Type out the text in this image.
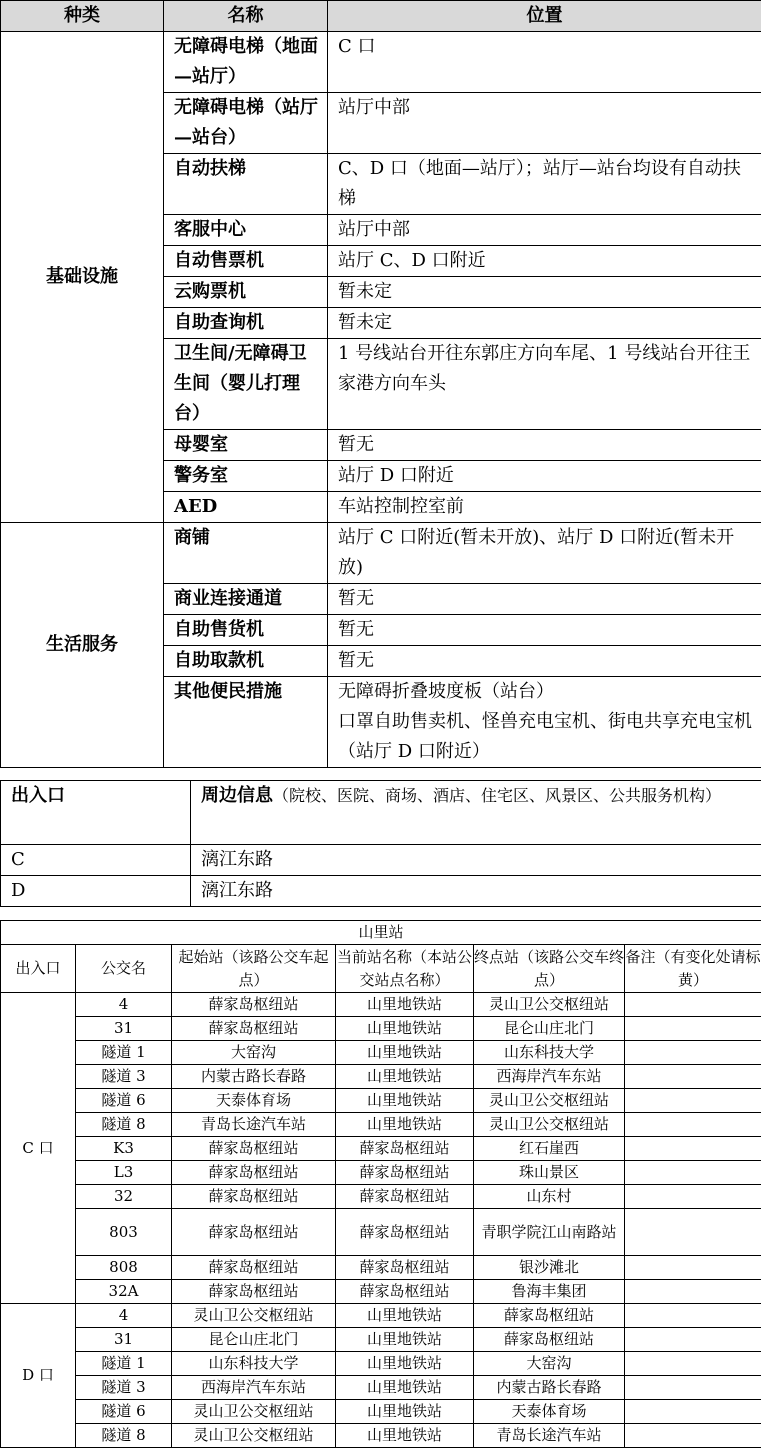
种类	名称	位置
基础设施	无障碍电梯（地面—站厅）	C 口

	无障碍电梯（站厅—站台）	站厅中部

	自动扶梯	C、D 口（地面—站厅）；站厅—站台均设有自动扶梯

	客服中心	站厅中部

	自动售票机	站厅 C、D 口附近

	云购票机	暂未定

	自助查询机	暂未定

	卫生间/无障碍卫生间（婴儿打理台）	1 号线站台开往东郭庄方向车尾、1 号线站台开往王家港方向车头

	母婴室	暂无

	警务室	站厅 D 口附近

	AED	车站控制控室前

生活服务	商铺	站厅 C 口附近(暂未开放)、站厅 D 口附近(暂未开放)

	商业连接通道	暂无

	自助售货机	暂无

	自助取款机	暂无

	其他便民措施	无障碍折叠坡度板（站台）
口罩自助售卖机、怪兽充电宝机、街电共享充电宝机（站厅 D 口附近）
出入口	周边信息（院校、医院、商场、酒店、住宅区、风景区、公共服务机构）
C	漓江东路
D	漓江东路
山里站					
出入口	公交名	起始站（该路公交车起点）	当前站名称（本站公交站点名称）	终点站（该路公交车终点）	备注（有变化处请标黄）
C 口	4	薛家岛枢纽站	山里地铁站	灵山卫公交枢纽站	
	31	薛家岛枢纽站	山里地铁站	昆仑山庄北门	
	隧道 1	大窑沟	山里地铁站	山东科技大学	
	隧道 3	内蒙古路长春路	山里地铁站	西海岸汽车东站	
	隧道 6	天泰体育场	山里地铁站	灵山卫公交枢纽站	
	隧道 8	青岛长途汽车站	山里地铁站	灵山卫公交枢纽站	
	K3	薛家岛枢纽站	薛家岛枢纽站	红石崖西	
	L3	薛家岛枢纽站	薛家岛枢纽站	珠山景区	
	32	薛家岛枢纽站	薛家岛枢纽站	山东村	
	803	薛家岛枢纽站	薛家岛枢纽站	青职学院江山南路站	
	808	薛家岛枢纽站	薛家岛枢纽站	银沙滩北	
	32A	薛家岛枢纽站	薛家岛枢纽站	鲁海丰集团	
D 口	4	灵山卫公交枢纽站	山里地铁站	薛家岛枢纽站	
	31	昆仑山庄北门	山里地铁站	薛家岛枢纽站	
	隧道 1	山东科技大学	山里地铁站	大窑沟	
	隧道 3	西海岸汽车东站	山里地铁站	内蒙古路长春路	
	隧道 6	灵山卫公交枢纽站	山里地铁站	天泰体育场	
	隧道 8	灵山卫公交枢纽站	山里地铁站	青岛长途汽车站	
